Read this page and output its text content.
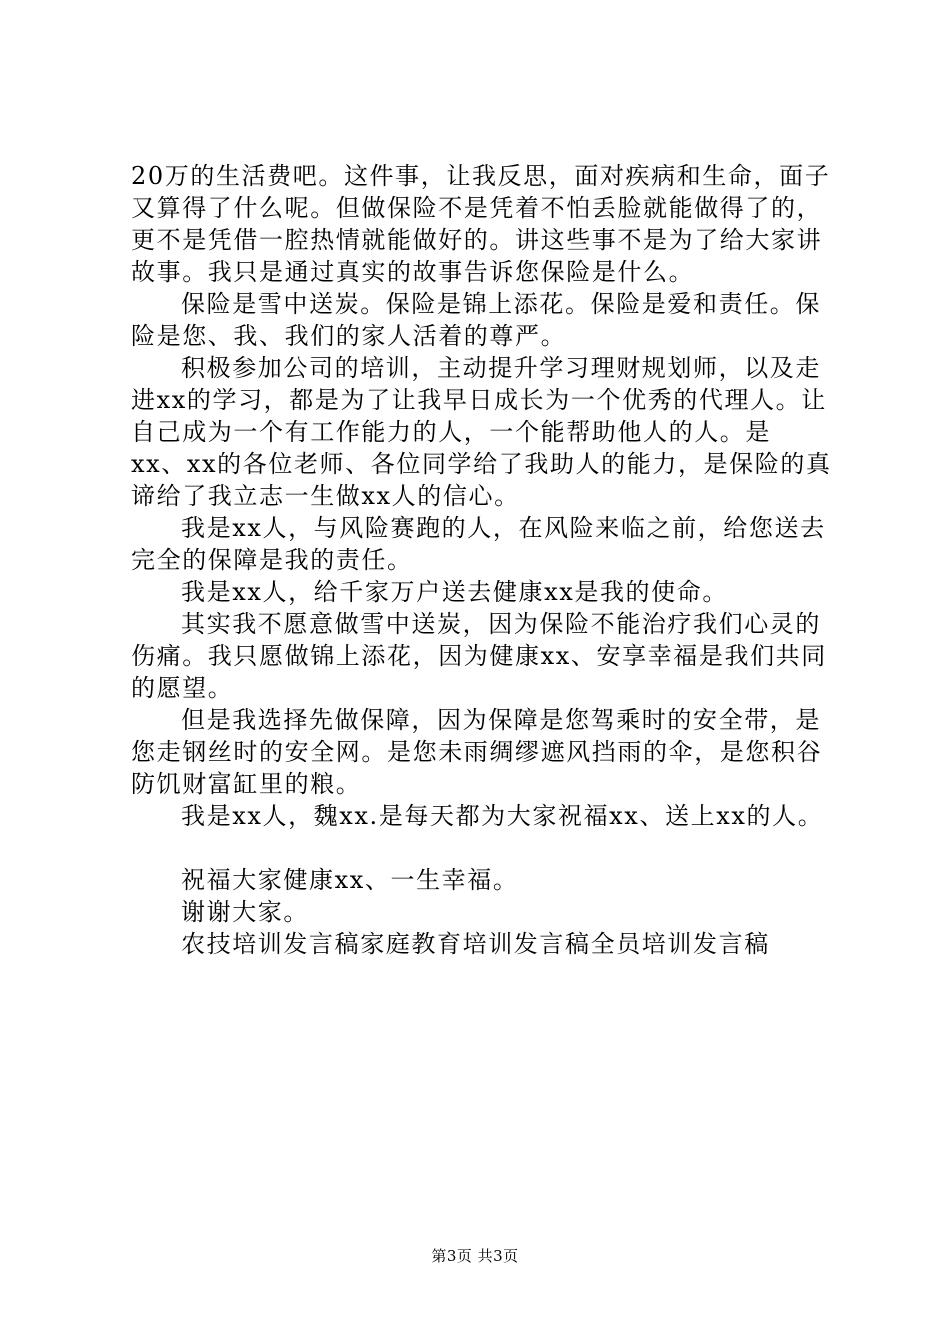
20万的生活费吧。这件事，让我反思，面对疾病和生命，面子
又算得了什么呢。但做保险不是凭着不怕丢脸就能做得了的，
更不是凭借一腔热情就能做好的。讲这些事不是为了给大家讲
故事。我只是通过真实的故事告诉您保险是什么。
保险是雪中送炭。保险是锦上添花。保险是爱和责任。保
险是您、我、我们的家人活着的尊严。
积极参加公司的培训，主动提升学习理财规划师，以及走
进xx的学习，都是为了让我早日成长为一个优秀的代理人。让
自己成为一个有工作能力的人，一个能帮助他人的人。是
xx、xx的各位老师、各位同学给了我助人的能力，是保险的真
谛给了我立志一生做xx人的信心。
我是xx人，与风险赛跑的人，在风险来临之前，给您送去
完全的保障是我的责任。
我是xx人，给千家万户送去健康xx是我的使命。
其实我不愿意做雪中送炭，因为保险不能治疗我们心灵的
伤痛。我只愿做锦上添花，因为健康xx、安享幸福是我们共同
的愿望。
但是我选择先做保障，因为保障是您驾乘时的安全带，是
您走钢丝时的安全网。是您未雨绸缪遮风挡雨的伞，是您积谷
防饥财富缸里的粮。
我是xx人，魏xx.是每天都为大家祝福xx、送上xx的人。
祝福大家健康xx、一生幸福。
谢谢大家。
农技培训发言稿家庭教育培训发言稿全员培训发言稿
第3页 共3页
